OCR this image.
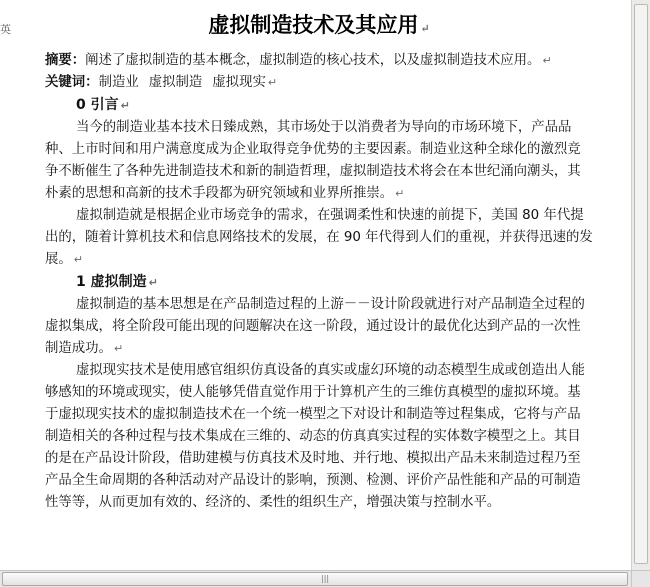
虚拟制造技术及其应用 ↵

摘要：阐述了虚拟制造的基本概念，虚拟制造的核心技术，以及虚拟制造技术应用。 ↵

关键词：制造业 虚拟制造 虚拟现实 ↵

0 引言 ↵

当今的制造业基本技术日臻成熟，其市场处于以消费者为导向的市场环境下，产品品种、上市时间和用户满意度成为企业取得竞争优势的主要因素。制造业这种全球化的激烈竞争不断催生了各种先进制造技术和新的制造哲理，虚拟制造技术将会在本世纪涌向潮头，其朴素的思想和高新的技术手段都为研究领域和业界所推崇。 ↵

虚拟制造就是根据企业市场竞争的需求，在强调柔性和快速的前提下，美国 80 年代提出的，随着计算机技术和信息网络技术的发展，在 90 年代得到人们的重视，并获得迅速的发展。 ↵

1 虚拟制造 ↵

虚拟制造的基本思想是在产品制造过程的上游－－设计阶段就进行对产品制造全过程的虚拟集成，将全阶段可能出现的问题解决在这一阶段，通过设计的最优化达到产品的一次性制造成功。 ↵

虚拟现实技术是使用感官组织仿真设备的真实或虚幻环境的动态模型生成或创造出人能够感知的环境或现实，使人能够凭借直觉作用于计算机产生的三维仿真模型的虚拟环境。基于虚拟现实技术的虚拟制造技术在一个统一模型之下对设计和制造等过程集成，它将与产品制造相关的各种过程与技术集成在三维的、动态的仿真真实过程的实体数字模型之上。其目的是在产品设计阶段，借助建模与仿真技术及时地、并行地、模拟出产品未来制造过程乃至产品全生命周期的各种活动对产品设计的影响，预测、检测、评价产品性能和产品的可制造性等等，从而更加有效的、经济的、柔性的组织生产，增强决策与控制水平。

英
|||
